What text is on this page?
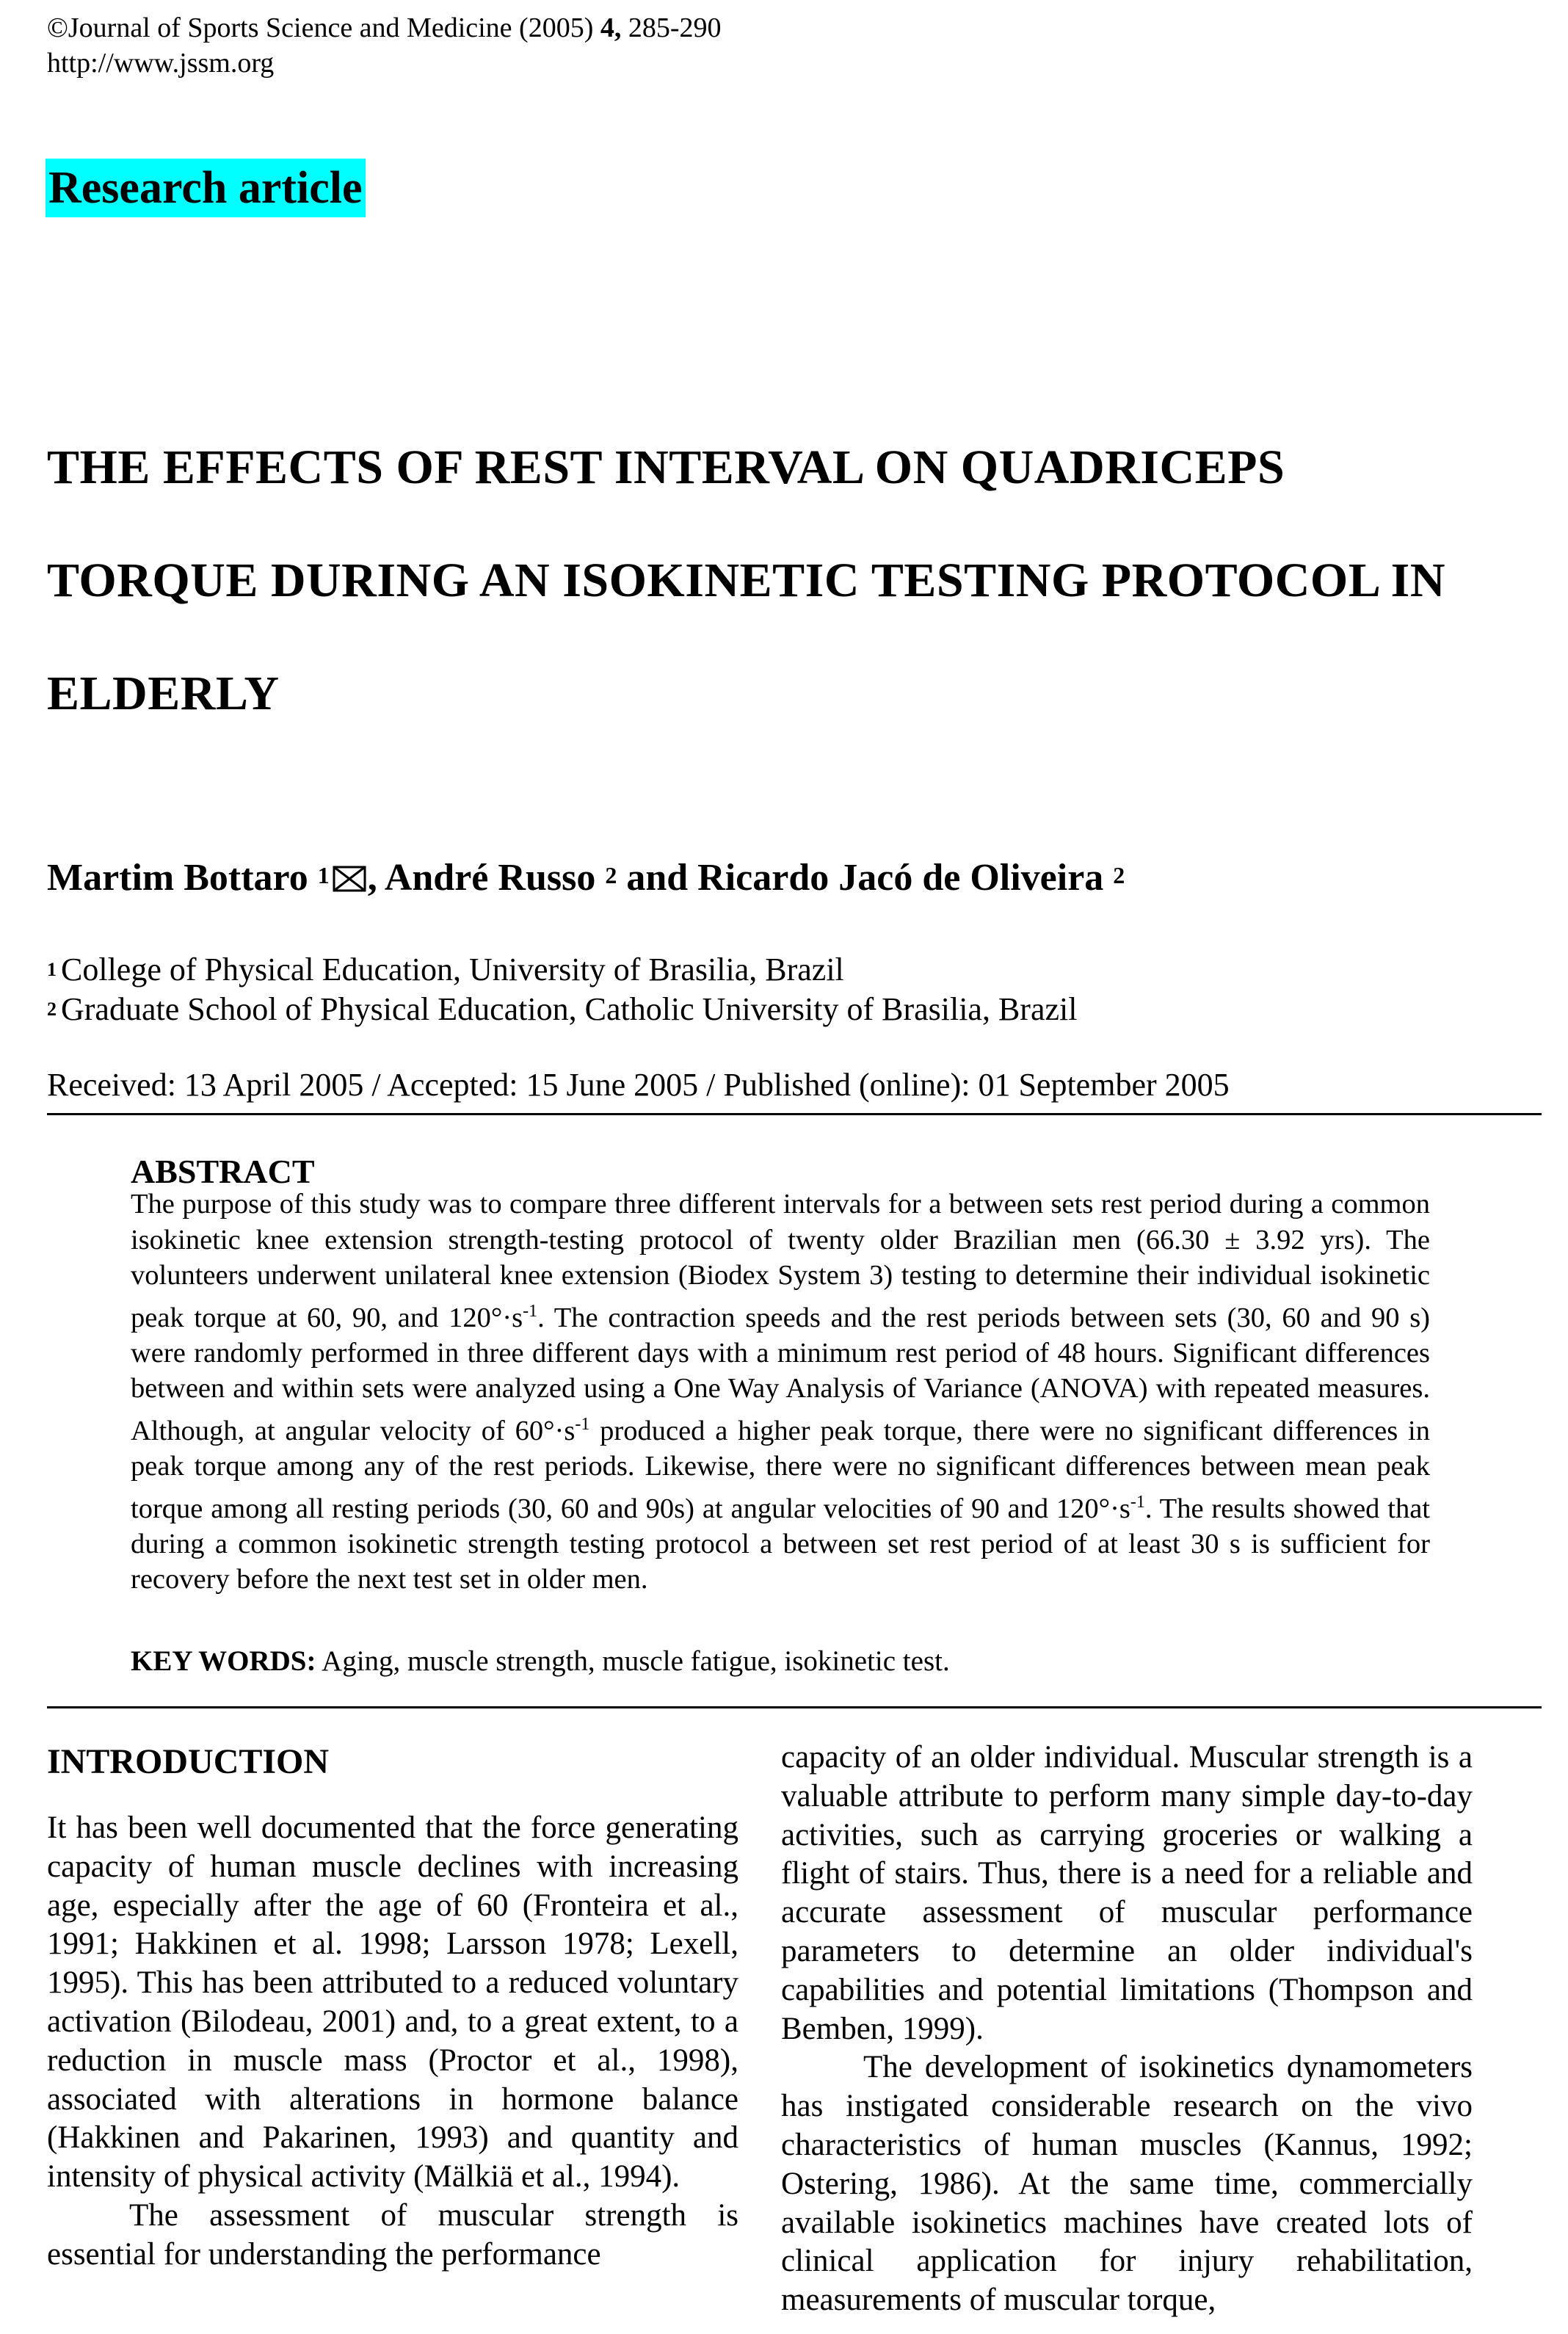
©Journal of Sports Science and Medicine (2005) 4, 285-290
http://www.jssm.org
Research article
THE EFFECTS OF REST INTERVAL ON QUADRICEPS
TORQUE DURING AN ISOKINETIC TESTING PROTOCOL IN
ELDERLY
Martim Bottaro $^1$ , André Russo $^2$ and Ricardo Jacó de Oliveira $^2$
$^1$ College of Physical Education, University of Brasilia, Brazil
$^2$ Graduate School of Physical Education, Catholic University of Brasilia, Brazil
Received: 13 April 2005 / Accepted: 15 June 2005 / Published (online): 01 September 2005
ABSTRACT

The purpose of this study was to compare three different intervals for a between sets rest period during a common isokinetic knee extension strength-testing protocol of twenty older Brazilian men (66.30 ± 3.92 yrs). The volunteers underwent unilateral knee extension (Biodex System 3) testing to determine their individual isokinetic peak torque at 60, 90, and $120^\circ\cdot s^{-1}$. The contraction speeds and the rest periods between sets (30, 60 and 90 s) were randomly performed in three different days with a minimum rest period of 48 hours. Significant differences between and within sets were analyzed using a One Way Analysis of Variance (ANOVA) with repeated measures. Although, at angular velocity of $60^\circ\cdot s^{-1}$ produced a higher peak torque, there were no significant differences in peak torque among any of the rest periods. Likewise, there were no significant differences between mean peak torque among all resting periods (30, 60 and 90s) at angular velocities of 90 and $120^\circ\cdot s^{-1}$. The results showed that during a common isokinetic strength testing protocol a between set rest period of at least 30 s is sufficient for recovery before the next test set in older men.

KEY WORDS: Aging, muscle strength, muscle fatigue, isokinetic test.
INTRODUCTION

It has been well documented that the force generating capacity of human muscle declines with increasing age, especially after the age of 60 (Fronteira et al., 1991; Hakkinen et al. 1998; Larsson 1978; Lexell, 1995). This has been attributed to a reduced voluntary activation (Bilodeau, 2001) and, to a great extent, to a reduction in muscle mass (Proctor et al., 1998), associated with alterations in hormone balance (Hakkinen and Pakarinen, 1993) and quantity and intensity of physical activity (Mälkiä et al., 1994).

The assessment of muscular strength is essential for understanding the performance

capacity of an older individual. Muscular strength is a valuable attribute to perform many simple day-to-day activities, such as carrying groceries or walking a flight of stairs. Thus, there is a need for a reliable and accurate assessment of muscular performance parameters to determine an older individual's capabilities and potential limitations (Thompson and Bemben, 1999).

The development of isokinetics dynamometers has instigated considerable research on the vivo characteristics of human muscles (Kannus, 1992; Ostering, 1986). At the same time, commercially available isokinetics machines have created lots of clinical application for injury rehabilitation, measurements of muscular torque,
